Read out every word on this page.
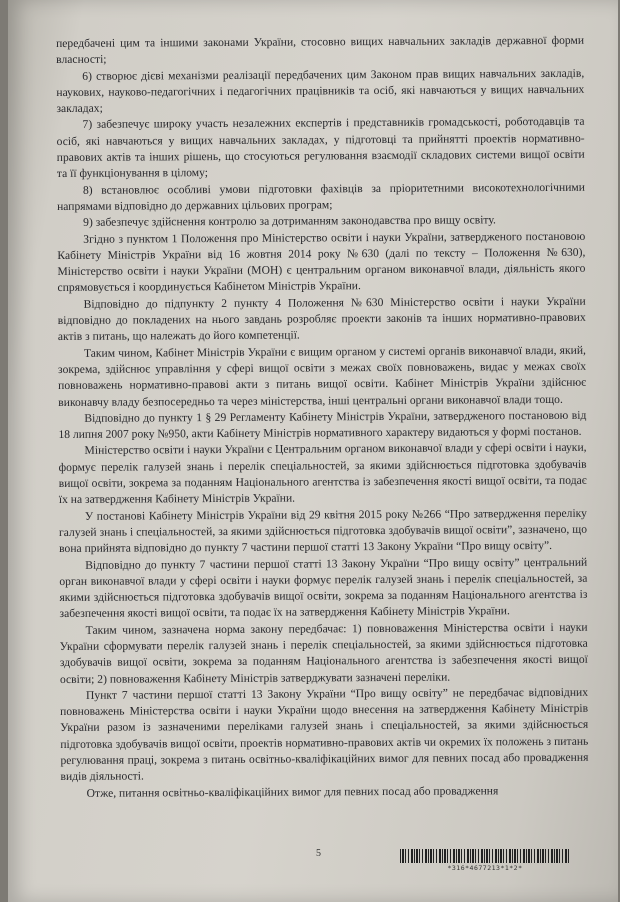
передбачені цим та іншими законами України, стосовно вищих навчальних закладів державної форми власності;

6) створює дієві механізми реалізації передбачених цим Законом прав вищих навчальних закладів, наукових, науково-педагогічних і педагогічних працівників та осіб, які навчаються у вищих навчальних закладах;

7) забезпечує широку участь незалежних експертів і представників громадськості, роботодавців та осіб, які навчаються у вищих навчальних закладах, у підготовці та прийнятті проектів нормативно-правових актів та інших рішень, що стосуються регулювання взаємодії складових системи вищої освіти та її функціонування в цілому;

8) встановлює особливі умови підготовки фахівців за пріоритетними високотехнологічними напрямами відповідно до державних цільових програм;

9) забезпечує здійснення контролю за дотриманням законодавства про вищу освіту.

Згідно з пунктом 1 Положення про Міністерство освіти і науки України, затвердженого постановою Кабінету Міністрів України від 16 жовтня 2014 року №630 (далі по тексту – Положення №630), Міністерство освіти і науки України (МОН) є центральним органом виконавчої влади, діяльність якого спрямовується і координується Кабінетом Міністрів України.

Відповідно до підпункту 2 пункту 4 Положення №630 Міністерство освіти і науки України відповідно до покладених на нього завдань розробляє проекти законів та інших нормативно-правових актів з питань, що належать до його компетенції.

Таким чином, Кабінет Міністрів України є вищим органом у системі органів виконавчої влади, який, зокрема, здійснює управління у сфері вищої освіти з межах своїх повноважень, видає у межах своїх повноважень нормативно-правові акти з питань вищої освіти. Кабінет Міністрів України здійснює виконавчу владу безпосередньо та через міністерства, інші центральні органи виконавчої влади тощо.

Відповідно до пункту 1 § 29 Регламенту Кабінету Міністрів України, затвердженого постановою від 18 липня 2007 року №950, акти Кабінету Міністрів нормативного характеру видаються у формі постанов.

Міністерство освіти і науки України є Центральним органом виконавчої влади у сфері освіти і науки, формує перелік галузей знань і перелік спеціальностей, за якими здійснюється підготовка здобувачів вищої освіти, зокрема за поданням Національного агентства із забезпечення якості вищої освіти, та подає їх на затвердження Кабінету Міністрів України.

У постанові Кабінету Міністрів України від 29 квітня 2015 року №266 “Про затвердження переліку галузей знань і спеціальностей, за якими здійснюється підготовка здобувачів вищої освіти”, зазначено, що вона прийнята відповідно до пункту 7 частини першої статті 13 Закону України “Про вищу освіту”.

Відповідно до пункту 7 частини першої статті 13 Закону України “Про вищу освіту” центральний орган виконавчої влади у сфері освіти і науки формує перелік галузей знань і перелік спеціальностей, за якими здійснюється підготовка здобувачів вищої освіти, зокрема за поданням Національного агентства із забезпечення якості вищої освіти, та подає їх на затвердження Кабінету Міністрів України.

Таким чином, зазначена норма закону передбачає: 1) повноваження Міністерства освіти і науки України сформувати перелік галузей знань і перелік спеціальностей, за якими здійснюється підготовка здобувачів вищої освіти, зокрема за поданням Національного агентства із забезпечення якості вищої освіти; 2) повноваження Кабінету Міністрів затверджувати зазначені переліки.

Пункт 7 частини першої статті 13 Закону України “Про вищу освіту” не передбачає відповідних повноважень Міністерства освіти і науки України щодо внесення на затвердження Кабінету Міністрів України разом із зазначеними переліками галузей знань і спеціальностей, за якими здійснюється підготовка здобувачів вищої освіти, проектів нормативно-правових актів чи окремих їх положень з питань регулювання праці, зокрема з питань освітньо-кваліфікаційних вимог для певних посад або провадження видів діяльності.

Отже, питання освітньо-кваліфікаційних вимог для певних посад або провадження

5
*316*4677213*1*2*
